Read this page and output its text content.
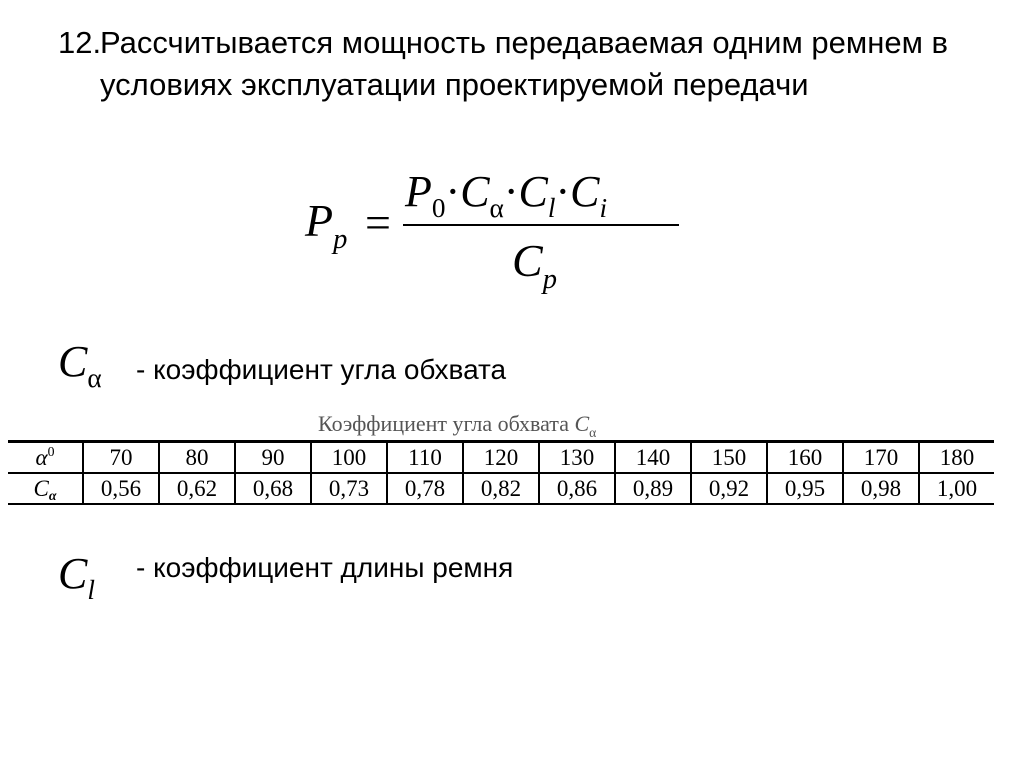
12.
Рассчитывается мощность передаваемая одним ремнем в условиях эксплуатации проектируемой передачи
$P_p$ =
$P_0\cdot C_\alpha\cdot C_l\cdot C_i$
$C_p$
$C_\alpha$ - коэффициент угла обхвата
Коэффициент угла обхвата $C_\alpha$
$\alpha^0$	70	80	90	100	110	120	130	140	150	160	170	180
Cα	0,56	0,62	0,68	0,73	0,78	0,82	0,86	0,89	0,92	0,95	0,98	1,00
$C_l$
- коэффициент длины ремня
